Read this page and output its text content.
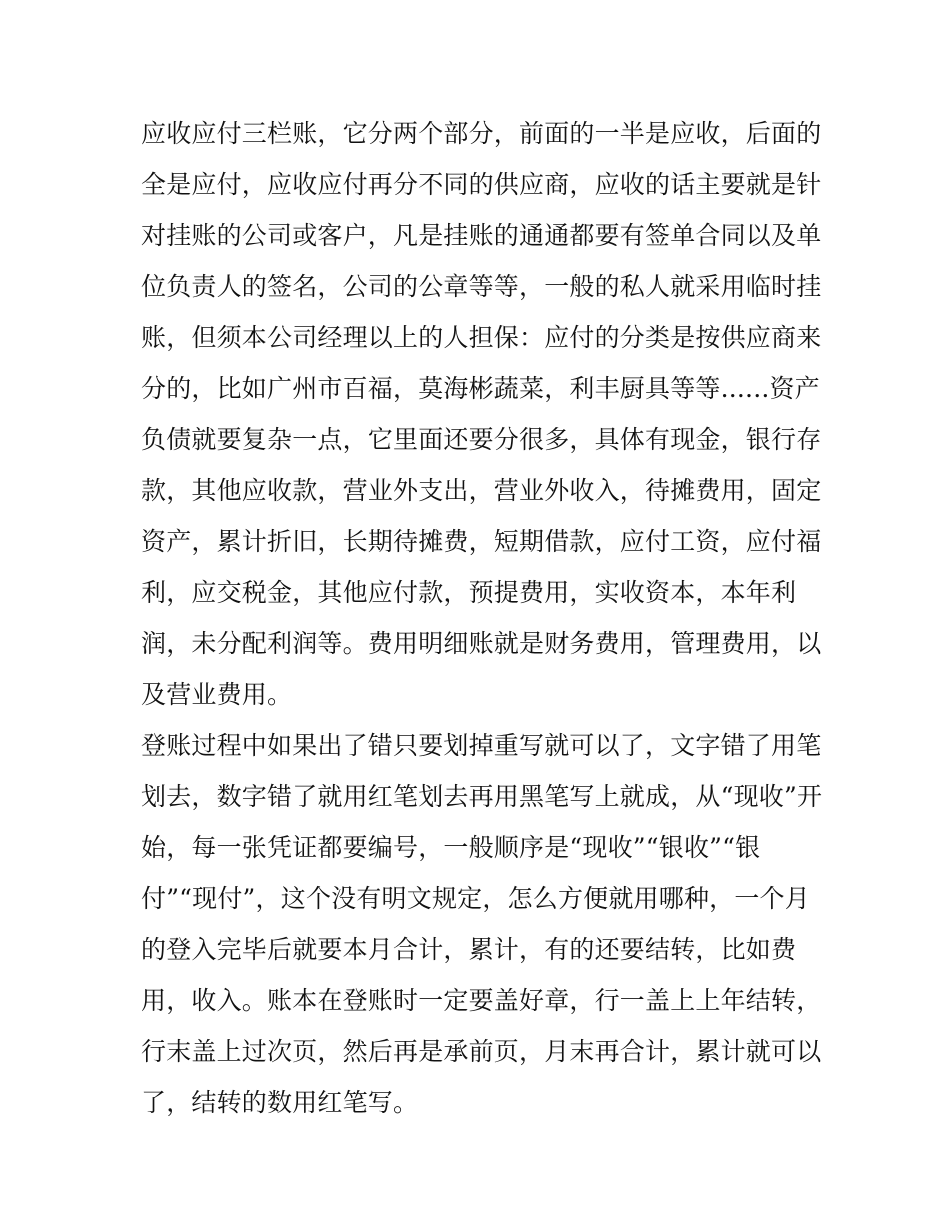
应收应付三栏账，它分两个部分，前面的一半是应收，后面的
全是应付，应收应付再分不同的供应商，应收的话主要就是针
对挂账的公司或客户，凡是挂账的通通都要有签单合同以及单
位负责人的签名，公司的公章等等，一般的私人就采用临时挂
账，但须本公司经理以上的人担保：应付的分类是按供应商来
分的，比如广州市百福，莫海彬蔬菜，利丰厨具等等......资产
负债就要复杂一点，它里面还要分很多，具体有现金，银行存
款，其他应收款，营业外支出，营业外收入，待摊费用，固定
资产，累计折旧，长期待摊费，短期借款，应付工资，应付福
利，应交税金，其他应付款，预提费用，实收资本，本年利
润，未分配利润等。费用明细账就是财务费用，管理费用，以
及营业费用。
登账过程中如果出了错只要划掉重写就可以了，文字错了用笔
划去，数字错了就用红笔划去再用黑笔写上就成，从“现收”开
始，每一张凭证都要编号，一般顺序是“现收”“银收”“银
付”“现付”，这个没有明文规定，怎么方便就用哪种，一个月
的登入完毕后就要本月合计，累计，有的还要结转，比如费
用，收入。账本在登账时一定要盖好章，行一盖上上年结转，
行末盖上过次页，然后再是承前页，月末再合计，累计就可以
了，结转的数用红笔写。
